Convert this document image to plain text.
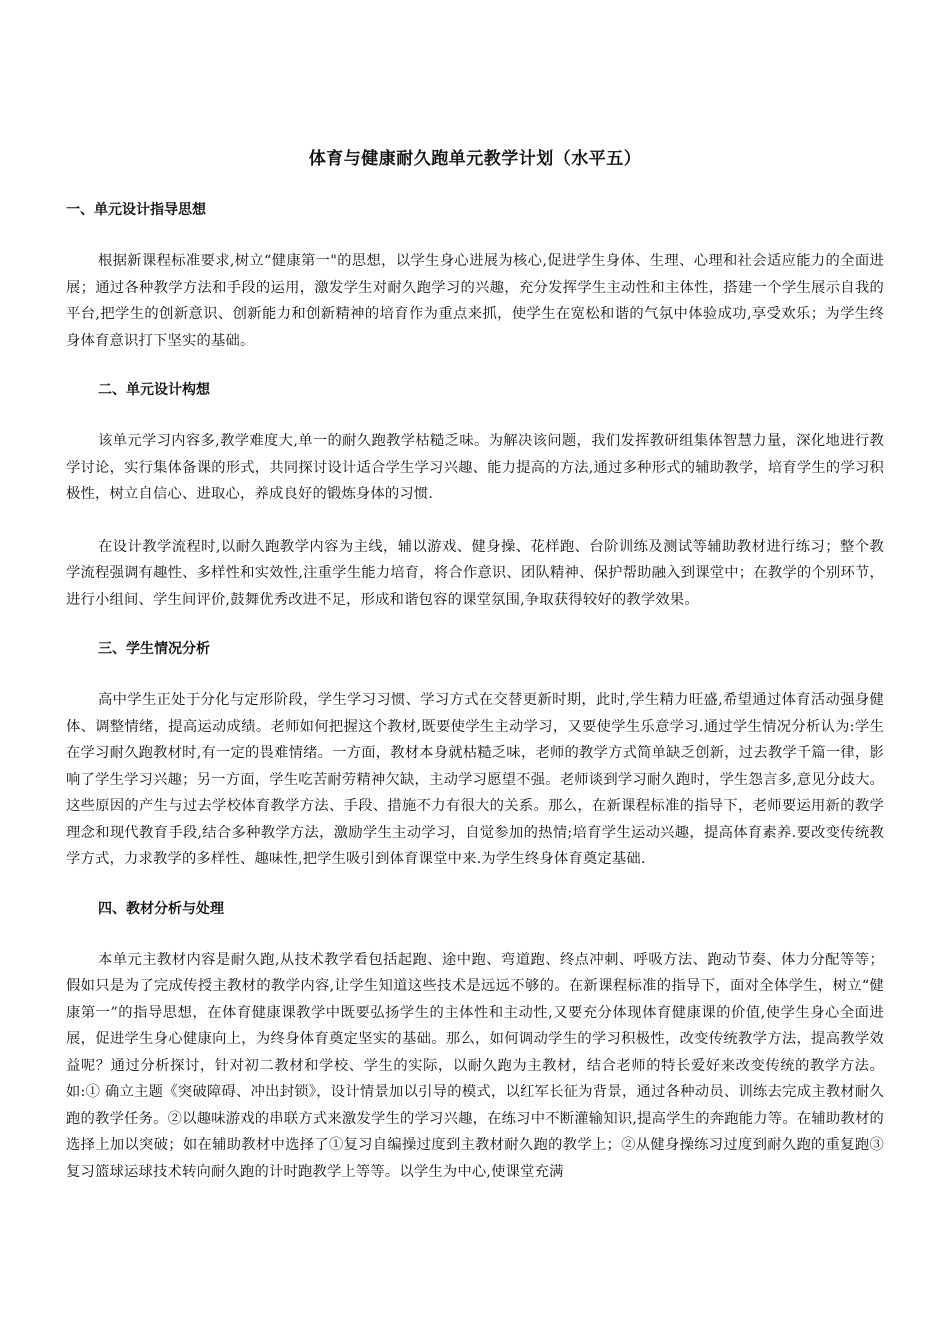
体育与健康耐久跑单元教学计划（水平五）
一、单元设计指导思想

根据新课程标准要求,树立“健康第一"的思想，以学生身心进展为核心,促进学生身体、生理、心理和社会适应能力的全面进展；通过各种教学方法和手段的运用，激发学生对耐久跑学习的兴趣，充分发挥学生主动性和主体性，搭建一个学生展示自我的平台,把学生的创新意识、创新能力和创新精神的培育作为重点来抓，使学生在宽松和谐的气氛中体验成功,享受欢乐；为学生终身体育意识打下坚实的基础。

二、单元设计构想

该单元学习内容多,教学难度大,单一的耐久跑教学枯糙乏味。为解决该问题，我们发挥教研组集体智慧力量，深化地进行教学讨论，实行集体备课的形式，共同探讨设计适合学生学习兴趣、能力提高的方法,通过多种形式的辅助教学，培育学生的学习积极性，树立自信心、进取心，养成良好的锻炼身体的习惯.

在设计教学流程时,以耐久跑教学内容为主线，辅以游戏、健身操、花样跑、台阶训练及测试等辅助教材进行练习；整个教学流程强调有趣性、多样性和实效性,注重学生能力培育，将合作意识、团队精神、保护帮助融入到课堂中；在教学的个别环节，进行小组间、学生间评价,鼓舞优秀改进不足，形成和谐包容的课堂氛围,争取获得较好的教学效果。

三、学生情况分析

高中学生正处于分化与定形阶段，学生学习习惯、学习方式在交替更新时期，此时,学生精力旺盛,希望通过体育活动强身健体、调整情绪，提高运动成绩。老师如何把握这个教材,既要使学生主动学习，又要使学生乐意学习.通过学生情况分析认为:学生在学习耐久跑教材时,有一定的畏难情绪。一方面，教材本身就枯糙乏味，老师的教学方式简单缺乏创新，过去教学千篇一律，影响了学生学习兴趣；另一方面，学生吃苦耐劳精神欠缺，主动学习愿望不强。老师谈到学习耐久跑时，学生怨言多,意见分歧大。这些原因的产生与过去学校体育教学方法、手段、措施不力有很大的关系。那么，在新课程标准的指导下，老师要运用新的教学理念和现代教育手段,结合多种教学方法，激励学生主动学习，自觉参加的热情;培育学生运动兴趣，提高体育素养.要改变传统教学方式，力求教学的多样性、趣味性,把学生吸引到体育课堂中来.为学生终身体育奠定基础.

四、教材分析与处理

本单元主教材内容是耐久跑,从技术教学看包括起跑、途中跑、弯道跑、终点冲刺、呼吸方法、跑动节奏、体力分配等等；假如只是为了完成传授主教材的教学内容,让学生知道这些技术是远远不够的。在新课程标准的指导下，面对全体学生，树立“健康第一”的指导思想，在体育健康课教学中既要弘扬学生的主体性和主动性,又要充分体现体育健康课的价值,使学生身心全面进展，促进学生身心健康向上，为终身体育奠定坚实的基础。那么，如何调动学生的学习积极性，改变传统教学方法，提高教学效益呢？通过分析探讨，针对初二教材和学校、学生的实际，以耐久跑为主教材，结合老师的特长爱好来改变传统的教学方法。如:① 确立主题《突破障碍、冲出封锁》，设计情景加以引导的模式，以红军长征为背景，通过各种动员、训练去完成主教材耐久跑的教学任务。②以趣味游戏的串联方式来激发学生的学习兴趣，在练习中不断灌输知识,提高学生的奔跑能力等。在辅助教材的选择上加以突破；如在辅助教材中选择了①复习自编操过度到主教材耐久跑的教学上；②从健身操练习过度到耐久跑的重复跑③复习篮球运球技术转向耐久跑的计时跑教学上等等。以学生为中心,使课堂充满
